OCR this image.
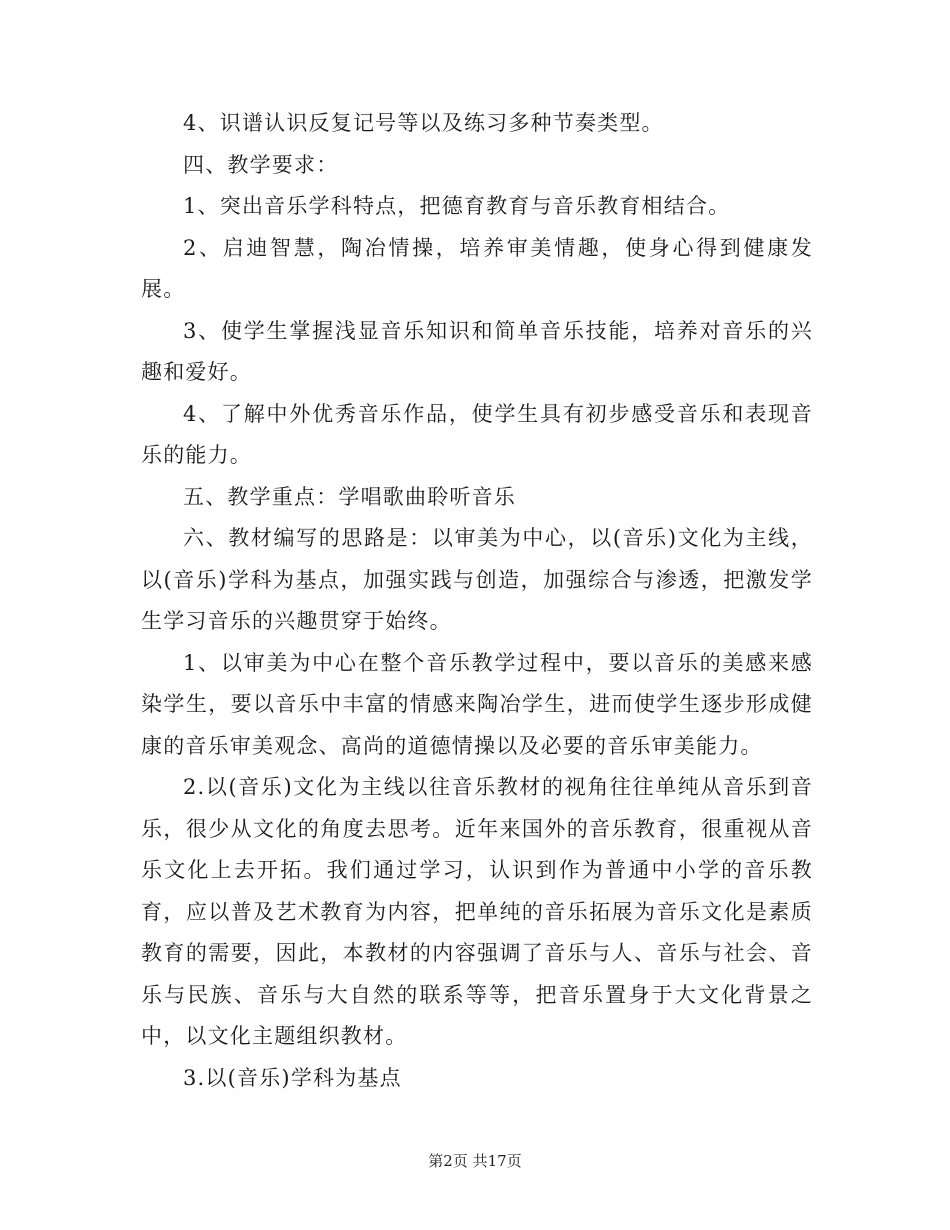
4、识谱认识反复记号等以及练习多种节奏类型。

四、教学要求：

1、突出音乐学科特点，把德育教育与音乐教育相结合。

2、启迪智慧，陶冶情操，培养审美情趣，使身心得到健康发展。

3、使学生掌握浅显音乐知识和简单音乐技能，培养对音乐的兴趣和爱好。

4、了解中外优秀音乐作品，使学生具有初步感受音乐和表现音乐的能力。

五、教学重点：学唱歌曲聆听音乐

六、教材编写的思路是：以审美为中心，以(音乐)文化为主线，以(音乐)学科为基点，加强实践与创造，加强综合与渗透，把激发学生学习音乐的兴趣贯穿于始终。

1、以审美为中心在整个音乐教学过程中，要以音乐的美感来感染学生，要以音乐中丰富的情感来陶冶学生，进而使学生逐步形成健康的音乐审美观念、高尚的道德情操以及必要的音乐审美能力。

2.以(音乐)文化为主线以往音乐教材的视角往往单纯从音乐到音乐，很少从文化的角度去思考。近年来国外的音乐教育，很重视从音乐文化上去开拓。我们通过学习，认识到作为普通中小学的音乐教育，应以普及艺术教育为内容，把单纯的音乐拓展为音乐文化是素质教育的需要，因此，本教材的内容强调了音乐与人、音乐与社会、音乐与民族、音乐与大自然的联系等等，把音乐置身于大文化背景之中，以文化主题组织教材。

3.以(音乐)学科为基点

第2页 共17页
